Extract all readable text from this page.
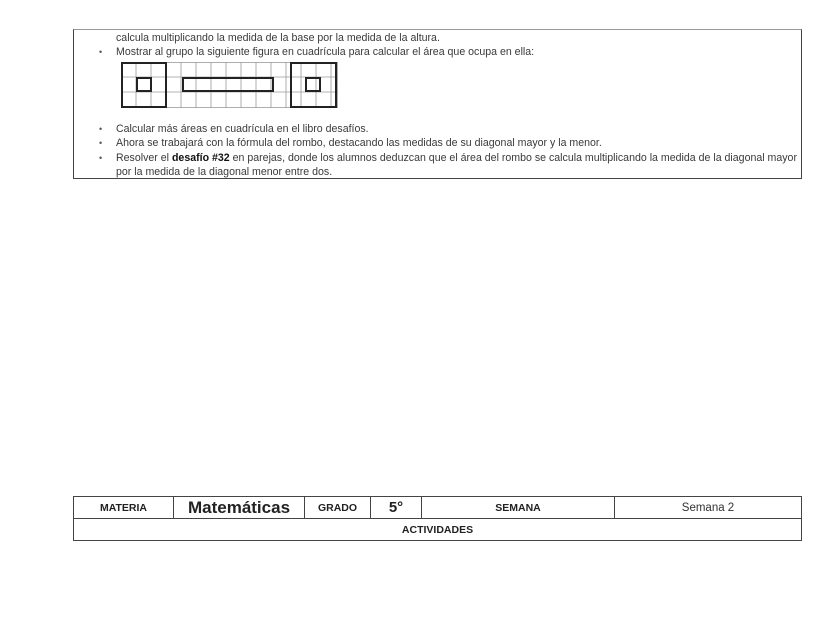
calcula multiplicando la medida de la base por la medida de la altura.
• Mostrar al grupo la siguiente figura en cuadrícula para calcular el área que ocupa en ella:
• Calcular más áreas en cuadrícula en el libro desafíos.
• Ahora se trabajará con la fórmula del rombo, destacando las medidas de su diagonal mayor y la menor.
• Resolver el desafío #32 en parejas, donde los alumnos deduzcan que el área del rombo se calcula multiplicando la medida de la diagonal mayor por la medida de la diagonal menor entre dos.
MATERIA	Matemáticas	GRADO	5°	SEMANA	Semana 2
ACTIVIDADES
